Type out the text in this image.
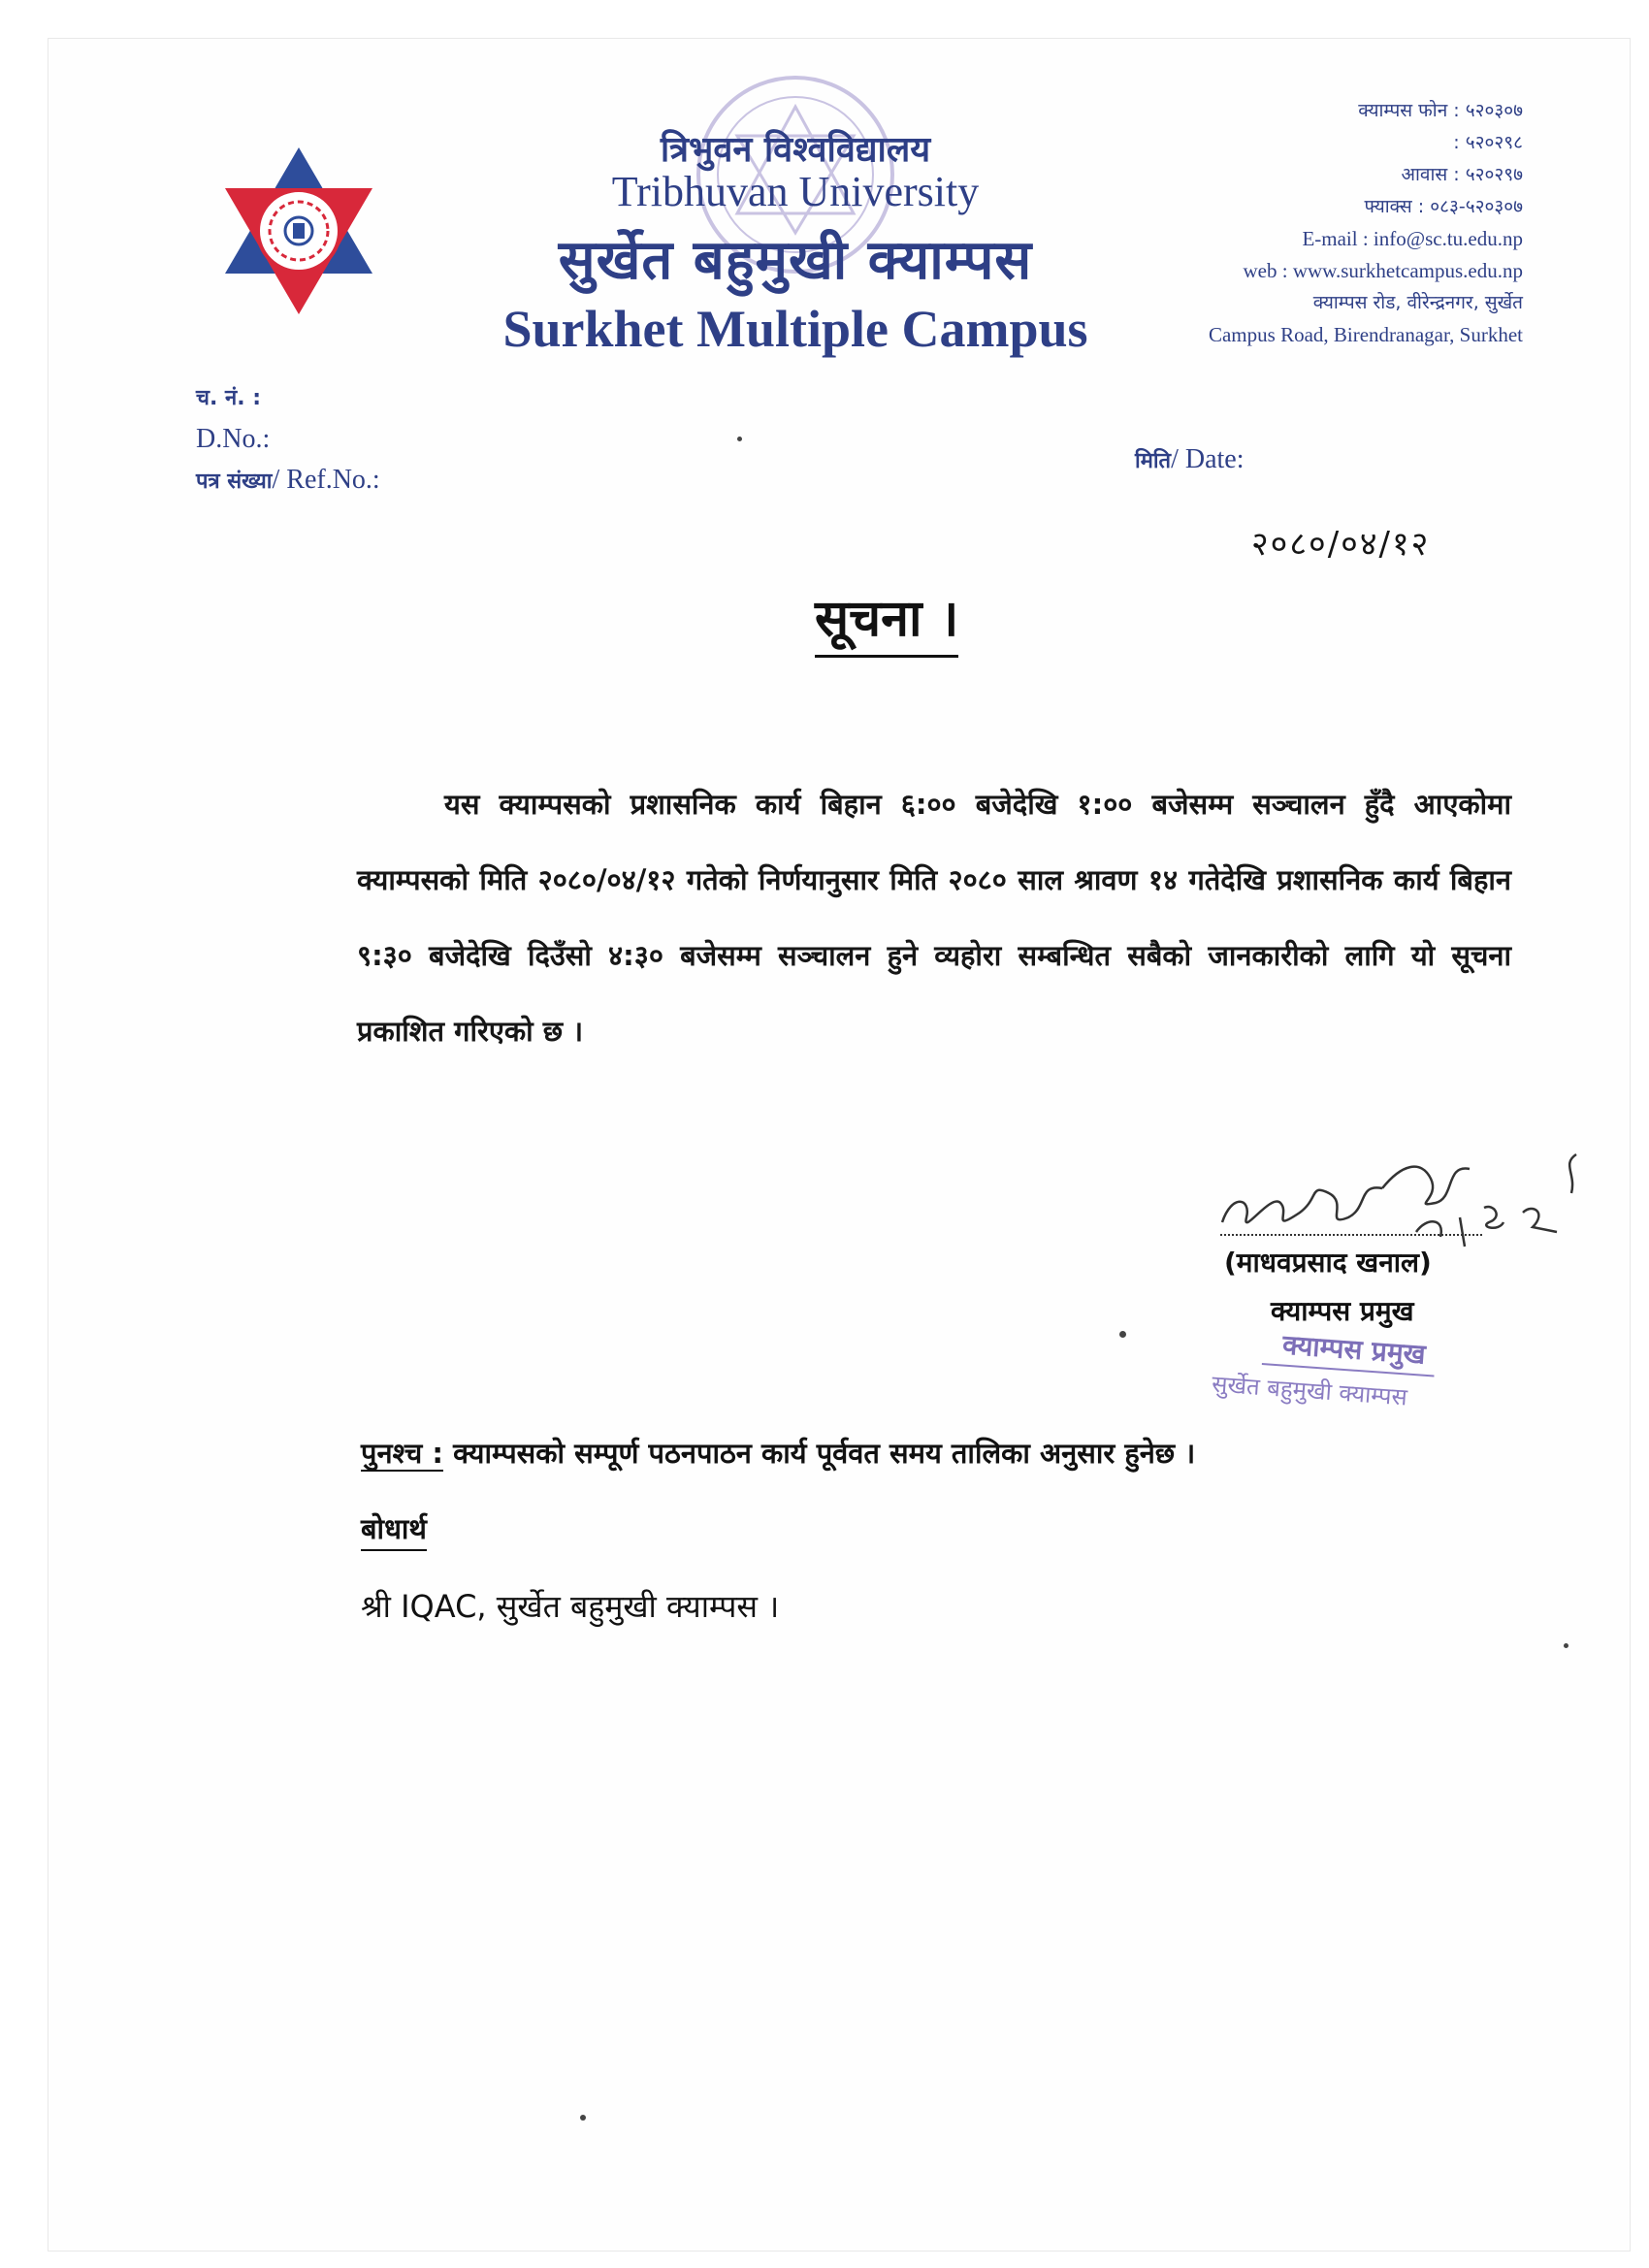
त्रिभुवन विश्वविद्यालय
Tribhuvan University
सुर्खेत बहुमुखी क्याम्पस
Surkhet Multiple Campus
क्याम्पस फोन : ५२०३०७
: ५२०२९८
आवास : ५२०२९७
फ्याक्स : ०८३-५२०३०७
E-mail : info@sc.tu.edu.np
web : www.surkhetcampus.edu.np
क्याम्पस रोड, वीरेन्द्रनगर, सुर्खेत
Campus Road, Birendranagar, Surkhet
च. नं. :
D.No.:
पत्र संख्या/ Ref.No.:
मिति/ Date:
२०८०/०४/१२
सूचना ।
यस क्याम्पसको प्रशासनिक कार्य बिहान ६:०० बजेदेखि १:०० बजेसम्म सञ्चालन हुँदै आएकोमा क्याम्पसको मिति २०८०/०४/१२ गतेको निर्णयानुसार मिति २०८० साल श्रावण १४ गतेदेखि प्रशासनिक कार्य बिहान ९:३० बजेदेखि दिउँसो ४:३० बजेसम्म सञ्चालन हुने व्यहोरा सम्बन्धित सबैको जानकारीको लागि यो सूचना प्रकाशित गरिएको छ ।
(माधवप्रसाद खनाल)
क्याम्पस प्रमुख
क्याम्पस प्रमुख
सुर्खेत बहुमुखी क्याम्पस
पुनश्च : क्याम्पसको सम्पूर्ण पठनपाठन कार्य पूर्ववत समय तालिका अनुसार हुनेछ ।
बोधार्थ
श्री IQAC, सुर्खेत बहुमुखी क्याम्पस ।
